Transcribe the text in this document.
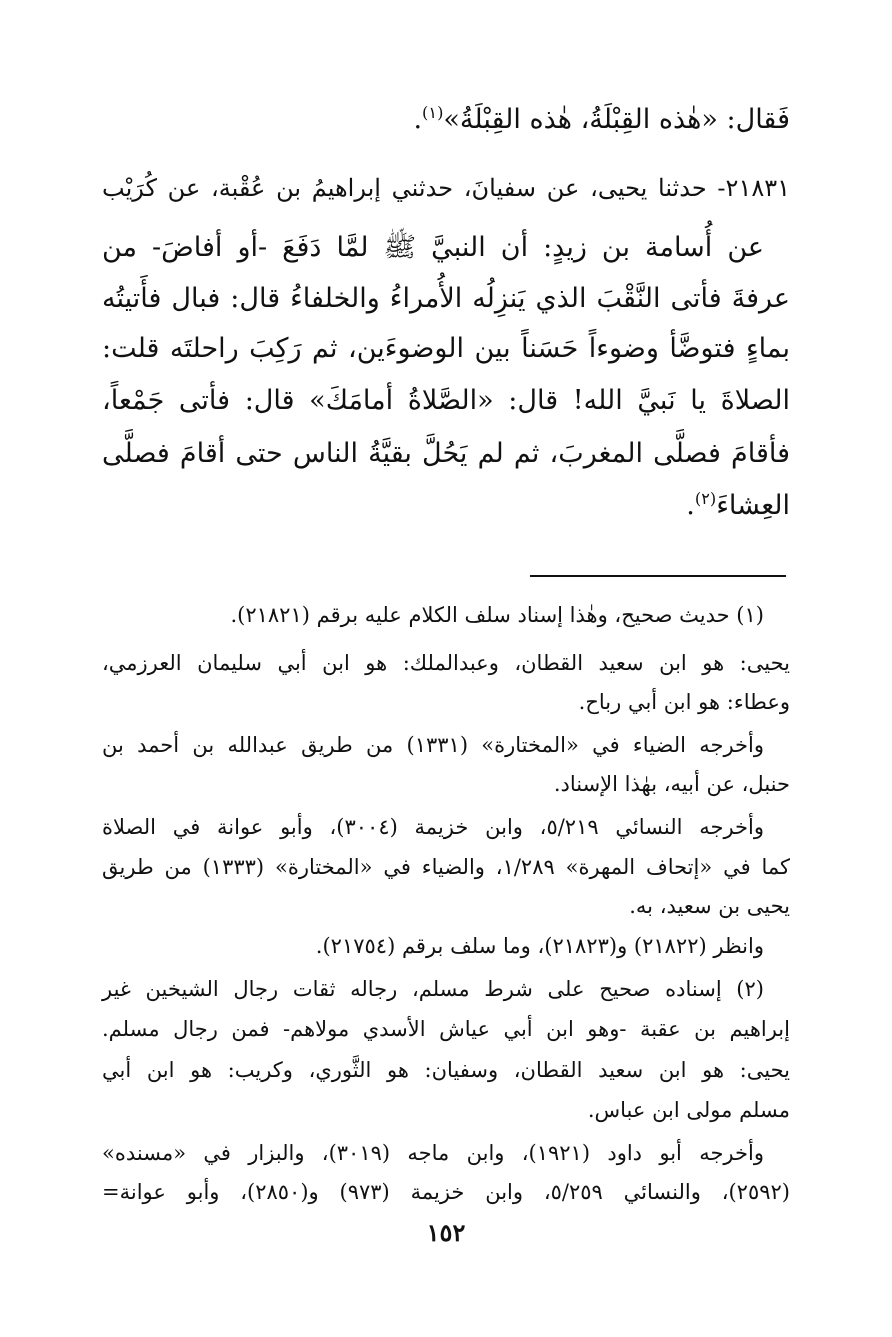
فَقال: «هٰذه القِبْلَةُ، هٰذه القِبْلَةُ»$^{(١)}$.
٢١٨٣١- حدثنا يحيى، عن سفيانَ، حدثني إبراهيمُ بن عُقْبة، عن كُرَيْب
عن أُسامة بن زيدٍ: أن النبيَّ ﷺ لمَّا دَفَعَ -أو أفاضَ- من
عرفةَ فأتى النَّقْبَ الذي يَنزِلُه الأُمراءُ والخلفاءُ قال: فبال فأَتيتُه
بماءٍ فتوضَّأ وضوءاً حَسَناً بين الوضوءَين، ثم رَكِبَ راحلتَه قلت:
الصلاةَ يا نَبيَّ الله! قال: «الصَّلاةُ أمامَكَ» قال: فأتى جَمْعاً،
فأقامَ فصلَّى المغربَ، ثم لم يَحُلَّ بقيَّةُ الناس حتى أقامَ فصلَّى
العِشاءَ$^{(٢)}$.
(١) حديث صحيح، وهٰذا إسناد سلف الكلام عليه برقم (٢١٨٢١).
يحيى: هو ابن سعيد القطان، وعبدالملك: هو ابن أبي سليمان العرزمي،
وعطاء: هو ابن أبي رباح.
وأخرجه الضياء في «المختارة» (١٣٣١) من طريق عبدالله بن أحمد بن
حنبل، عن أبيه، بهٰذا الإسناد.
وأخرجه النسائي ٥/٢١٩، وابن خزيمة (٣٠٠٤)، وأبو عوانة في الصلاة
كما في «إتحاف المهرة» ١/٢٨٩، والضياء في «المختارة» (١٣٣٣) من طريق
يحيى بن سعيد، به.
وانظر (٢١٨٢٢) و(٢١٨٢٣)، وما سلف برقم (٢١٧٥٤).
(٢) إسناده صحيح على شرط مسلم، رجاله ثقات رجال الشيخين غير
إبراهيم بن عقبة -وهو ابن أبي عياش الأسدي مولاهم- فمن رجال مسلم.
يحيى: هو ابن سعيد القطان، وسفيان: هو الثَّوري، وكريب: هو ابن أبي
مسلم مولى ابن عباس.
وأخرجه أبو داود (١٩٢١)، وابن ماجه (٣٠١٩)، والبزار في «مسنده»
(٢٥٩٢)، والنسائي ٥/٢٥٩، وابن خزيمة (٩٧٣) و(٢٨٥٠)، وأبو عوانة=
١٥٢
